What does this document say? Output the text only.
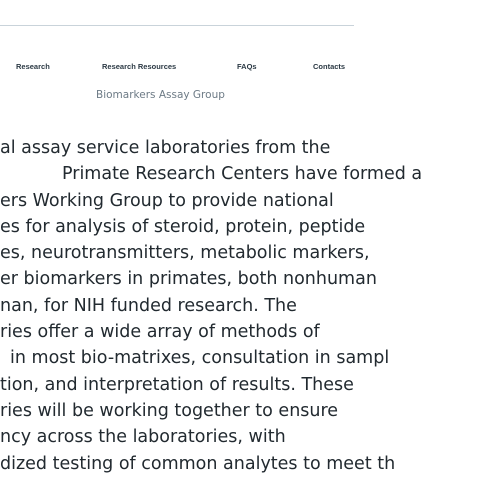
Research	Research Resources	FAQs	Contacts
Biomarkers Assay Group
al assay service laboratories from the
Primate Research Centers have formed a
ers Working Group to provide national
es for analysis of steroid, protein, peptide
es, neurotransmitters, metabolic markers,
er biomarkers in primates, both nonhuman
nan, for NIH funded research. The
ries offer a wide array of methods of
in most bio-matrixes, consultation in sampl
tion, and interpretation of results. These
ries will be working together to ensure
ncy across the laboratories, with
dized testing of common analytes to meet th
